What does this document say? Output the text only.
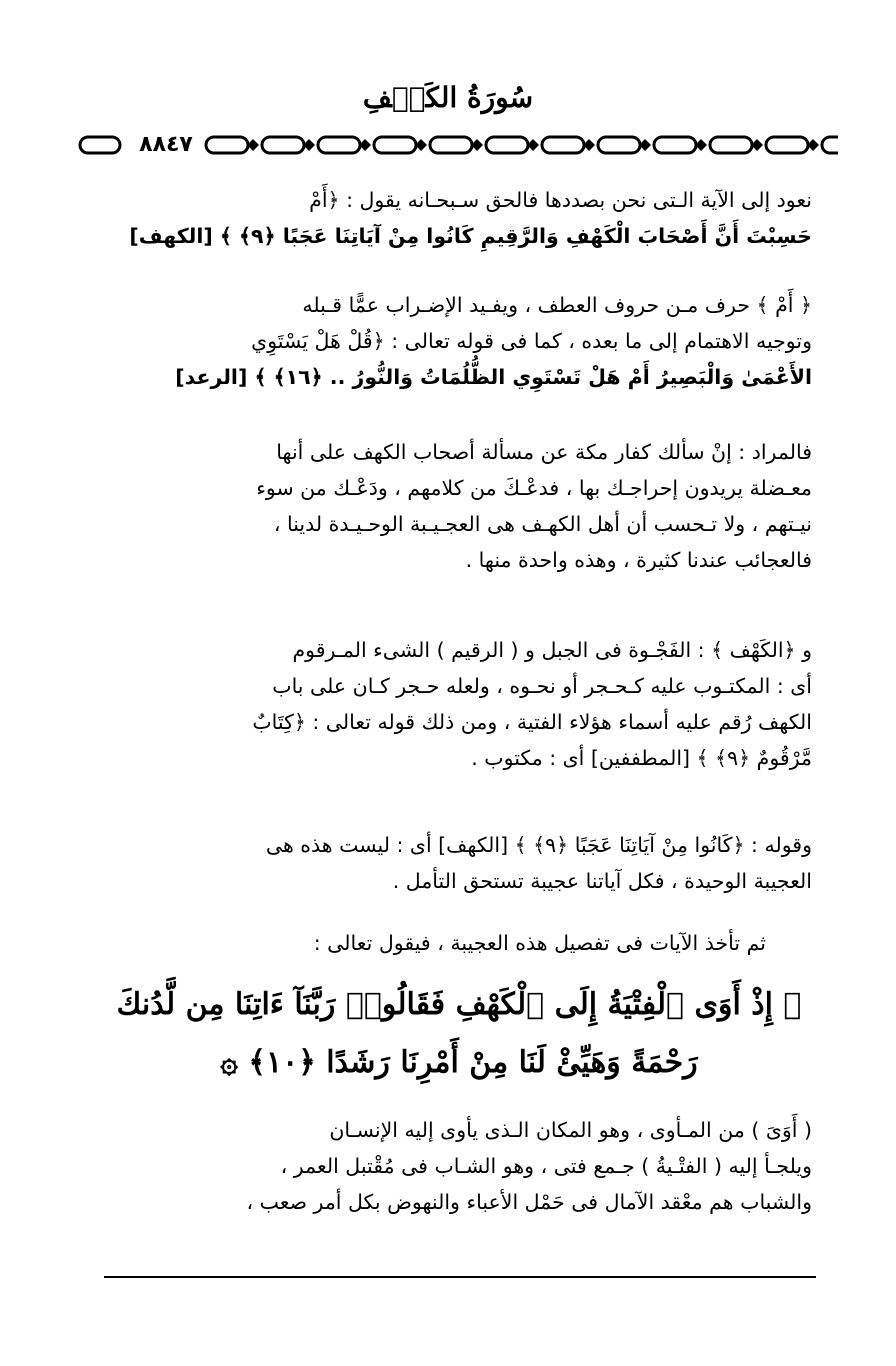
سُورَةُ الكَهۡفِ
٨٨٤٧
نعود إلى الآية الـتى نحن بصددها فالحق سـبحـانه يقول : ﴿أَمْ
حَسِبْتَ أَنَّ أَصْحَابَ الْكَهْفِ وَالرَّقِيمِ كَانُوا مِنْ آيَاتِنَا عَجَبًا ﴿٩﴾ ﴾ [الكهف]
﴿ أَمْ ﴾ حرف مـن حروف العطف ، ويفـيد الإضـراب عمًّا قـبله
وتوجيه الاهتمام إلى ما بعده ، كما فى قوله تعالى : ﴿قُلْ هَلْ يَسْتَوِي
الأَعْمَىٰ وَالْبَصِيرُ أَمْ هَلْ تَسْتَوِي الظُّلُمَاتُ وَالنُّورُ .. ﴿١٦﴾ ﴾ [الرعد]
فالمراد : إنْ سألك كفار مكة عن مسألة أصحاب الكهف على أنها
معـضلة يريدون إحراجـك بها ، فدعْـكَ من كلامهم ، ودَعْـك من سوء
نيـتهم ، ولا تـحسب أن أهل الكهـف هى العجـيـبة الوحـيـدة لدينا ،
فالعجائب عندنا كثيرة ، وهذه واحدة منها .
و ﴿الكَهْف ﴾ : الفَجْـوة فى الجبل و ( الرقيم ) الشىء المـرقوم
أى : المكتـوب عليه كـحـجر أو نحـوه ، ولعله حـجر كـان على باب
الكهف رُقم عليه أسماء هؤلاء الفتية ، ومن ذلك قوله تعالى : ﴿كِتَابٌ
مَّرْقُومٌ ﴿٩﴾ ﴾ [المطففين] أى : مكتوب .
وقوله : ﴿كَانُوا مِنْ آيَاتِنَا عَجَبًا ﴿٩﴾ ﴾ [الكهف] أى : ليست هذه هى
العجيبة الوحيدة ، فكل آياتنا عجيبة تستحق التأمل .
ثم تأخذ الآيات فى تفصيل هذه العجيبة ، فيقول تعالى :
۞ إِذْ أَوَى ٱلْفِتْيَةُ إِلَى ٱلْكَهْفِ فَقَالُوا۟ رَبَّنَآ ءَاتِنَا مِن لَّدُنكَ
رَحْمَةً وَهَيِّئْ لَنَا مِنْ أَمْرِنَا رَشَدًا ﴿١٠﴾ ۞
( أَوَىَ ) من المـأوى ، وهو المكان الـذى يأوى إليه الإنسـان
ويلجـأ إليه ( الفتْـيةُ ) جـمع فتى ، وهو الشـاب فى مُقْتبل العمر ،
والشباب هم معْقد الآمال فى حَمْل الأعباء والنهوض بكل أمر صعب ،
